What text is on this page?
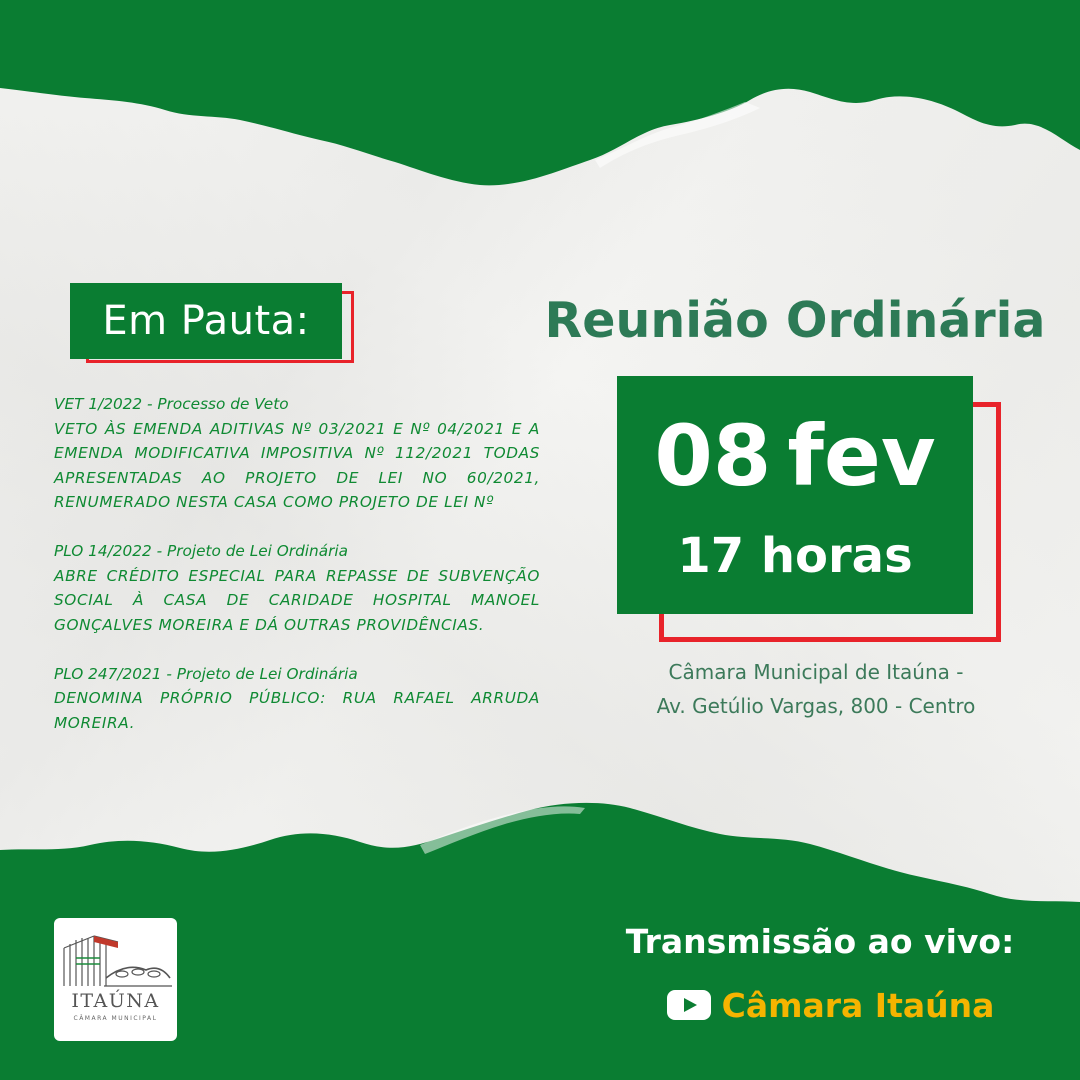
Em Pauta:
VET 1/2022 - Processo de Veto
VETO ÀS EMENDA ADITIVAS Nº 03/2021 E Nº 04/2021 E A EMENDA MODIFICATIVA IMPOSITIVA Nº 112/2021 TODAS APRESENTADAS AO PROJETO DE LEI NO 60/2021, RENUMERADO NESTA CASA COMO PROJETO DE LEI Nº
PLO 14/2022 - Projeto de Lei Ordinária
ABRE CRÉDITO ESPECIAL PARA REPASSE DE SUBVENÇÃO SOCIAL À CASA DE CARIDADE HOSPITAL MANOEL GONÇALVES MOREIRA E DÁ OUTRAS PROVIDÊNCIAS.
PLO 247/2021 - Projeto de Lei Ordinária
DENOMINA PRÓPRIO PÚBLICO: RUA RAFAEL ARRUDA MOREIRA.
Reunião Ordinária
08 fev
17 horas
Câmara Municipal de Itaúna -
Av. Getúlio Vargas, 800 - Centro
ITAÚNA
CÂMARA MUNICIPAL
Transmissão ao vivo:
Câmara Itaúna
